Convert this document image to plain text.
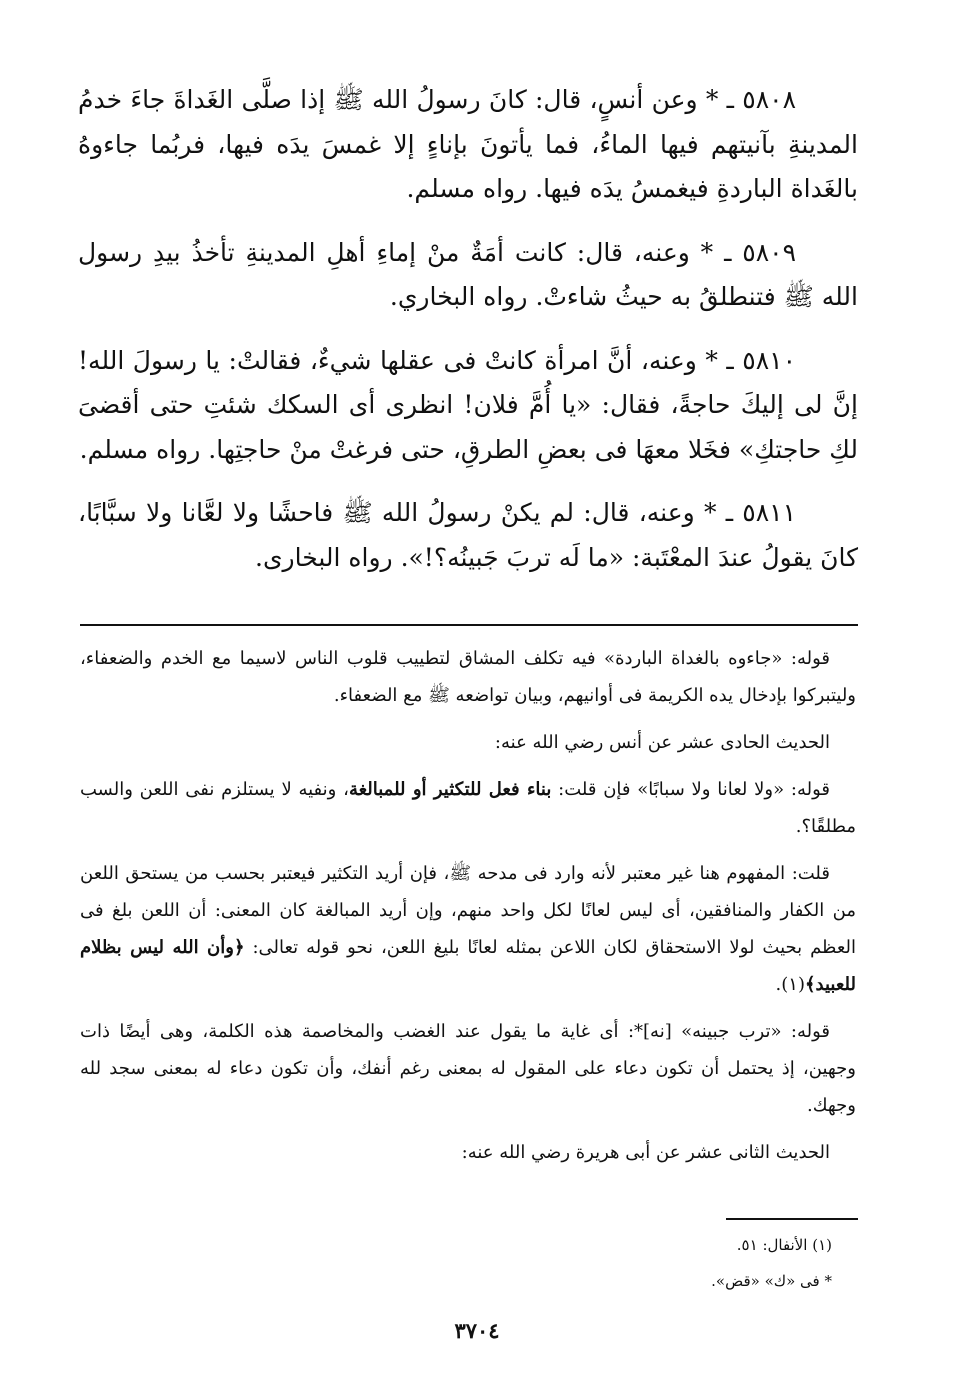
٥٨٠٨ ـ * وعن أنسٍ، قال: كانَ رسولُ الله ﷺ إذا صلَّى الغَداةَ جاءَ خدمُ المدينةِ بآنيتهم فيها الماءُ، فما يأتونَ بإناءٍ إلا غمسَ يدَه فيها، فربُما جاءوهُ بالغَداة الباردةِ فيغمسُ يدَه فيها. رواه مسلم.

٥٨٠٩ ـ * وعنه، قال: كانت أمَةٌ منْ إماءِ أهلِ المدينةِ تأخذُ بيدِ رسول الله ﷺ فتنطلقُ به حيثُ شاءتْ. رواه البخاري.

٥٨١٠ ـ * وعنه، أنَّ امرأة كانتْ فى عقلها شيءٌ، فقالتْ: يا رسولَ الله! إنَّ لى إليكَ حاجةً، فقال: «يا أُمَّ فلان! انظرى أى السكك شئتِ حتى أقضىَ لكِ حاجتكِ» فخَلا معهَا فى بعضِ الطرقِ، حتى فرغتْ منْ حاجتِها. رواه مسلم.

٥٨١١ ـ * وعنه، قال: لم يكنْ رسولُ الله ﷺ فاحشًا ولا لعَّانا ولا سبَّابًا، كانَ يقولُ عندَ المعْتَبة: «ما لَه تربَ جَبينُه؟!». رواه البخارى.

قوله: «جاءوه بالغداة الباردة» فيه تكلف المشاق لتطييب قلوب الناس لاسيما مع الخدم والضعفاء، وليتبركوا بإدخال يده الكريمة فى أوانيهم، وبيان تواضعه ﷺ مع الضعفاء.

الحديث الحادى عشر عن أنس رضي الله عنه:

قوله: «ولا لعانا ولا سبابًا» فإن قلت: بناء فعل للتكثير أو للمبالغة، ونفيه لا يستلزم نفى اللعن والسب مطلقًا؟.

قلت: المفهوم هنا غير معتبر لأنه وارد فى مدحه ﷺ، فإن أريد التكثير فيعتبر بحسب من يستحق اللعن من الكفار والمنافقين، أى ليس لعانًا لكل واحد منهم، وإن أريد المبالغة كان المعنى: أن اللعن بلغ فى العظم بحيث لولا الاستحقاق لكان اللاعن بمثله لعانًا بليغ اللعن، نحو قوله تعالى: ﴿وأن الله ليس بظلام للعبيد﴾(١).

قوله: «ترب جبينه» [نه]*: أى غاية ما يقول عند الغضب والمخاصمة هذه الكلمة، وهى أيضًا ذات وجهين، إذ يحتمل أن تكون دعاء على المقول له بمعنى رغم أنفك، وأن تكون دعاء له بمعنى سجد لله وجهك.

الحديث الثانى عشر عن أبى هريرة رضي الله عنه:

(١) الأنفال: ٥١.
* فى «ك» «قض».
٣٧٠٤
